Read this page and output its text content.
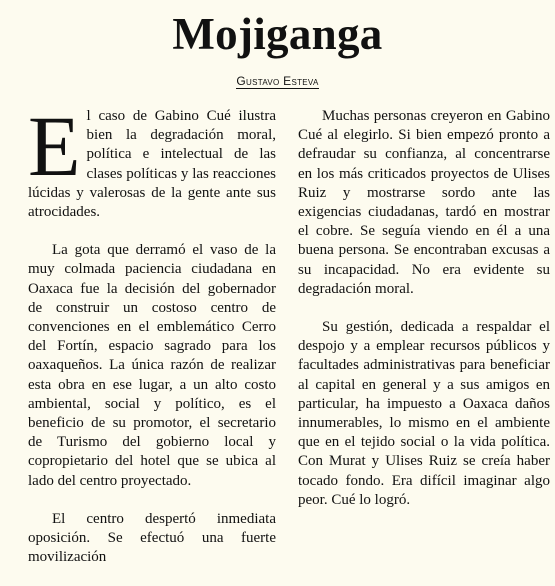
Mojiganga
Gustavo Esteva

El caso de Gabino Cué ilustra bien la degradación moral, política e intelectual de las clases políticas y las reacciones lúcidas y valerosas de la gente ante sus atrocidades.

La gota que derramó el vaso de la muy colmada paciencia ciudadana en Oaxaca fue la decisión del gobernador de construir un costoso centro de convenciones en el emblemático Cerro del Fortín, espacio sagrado para los oaxaqueños. La única razón de realizar esta obra en ese lugar, a un alto costo ambiental, social y político, es el beneficio de su promotor, el secretario de Turismo del gobierno local y copropietario del hotel que se ubica al lado del centro proyectado.

El centro despertó inmediata oposición. Se efectuó una fuerte movilización

Muchas personas creyeron en Gabino Cué al elegirlo. Si bien empezó pronto a defraudar su confianza, al concentrarse en los más criticados proyectos de Ulises Ruiz y mostrarse sordo ante las exigencias ciudadanas, tardó en mostrar el cobre. Se seguía viendo en él a una buena persona. Se encontraban excusas a su incapacidad. No era evidente su degradación moral.

Su gestión, dedicada a respaldar el despojo y a emplear recursos públicos y facultades administrativas para beneficiar al capital en general y a sus amigos en particular, ha impuesto a Oaxaca daños innumerables, lo mismo en el ambiente que en el tejido social o la vida política. Con Murat y Ulises Ruiz se creía haber tocado fondo. Era difícil imaginar algo peor. Cué lo logró.
